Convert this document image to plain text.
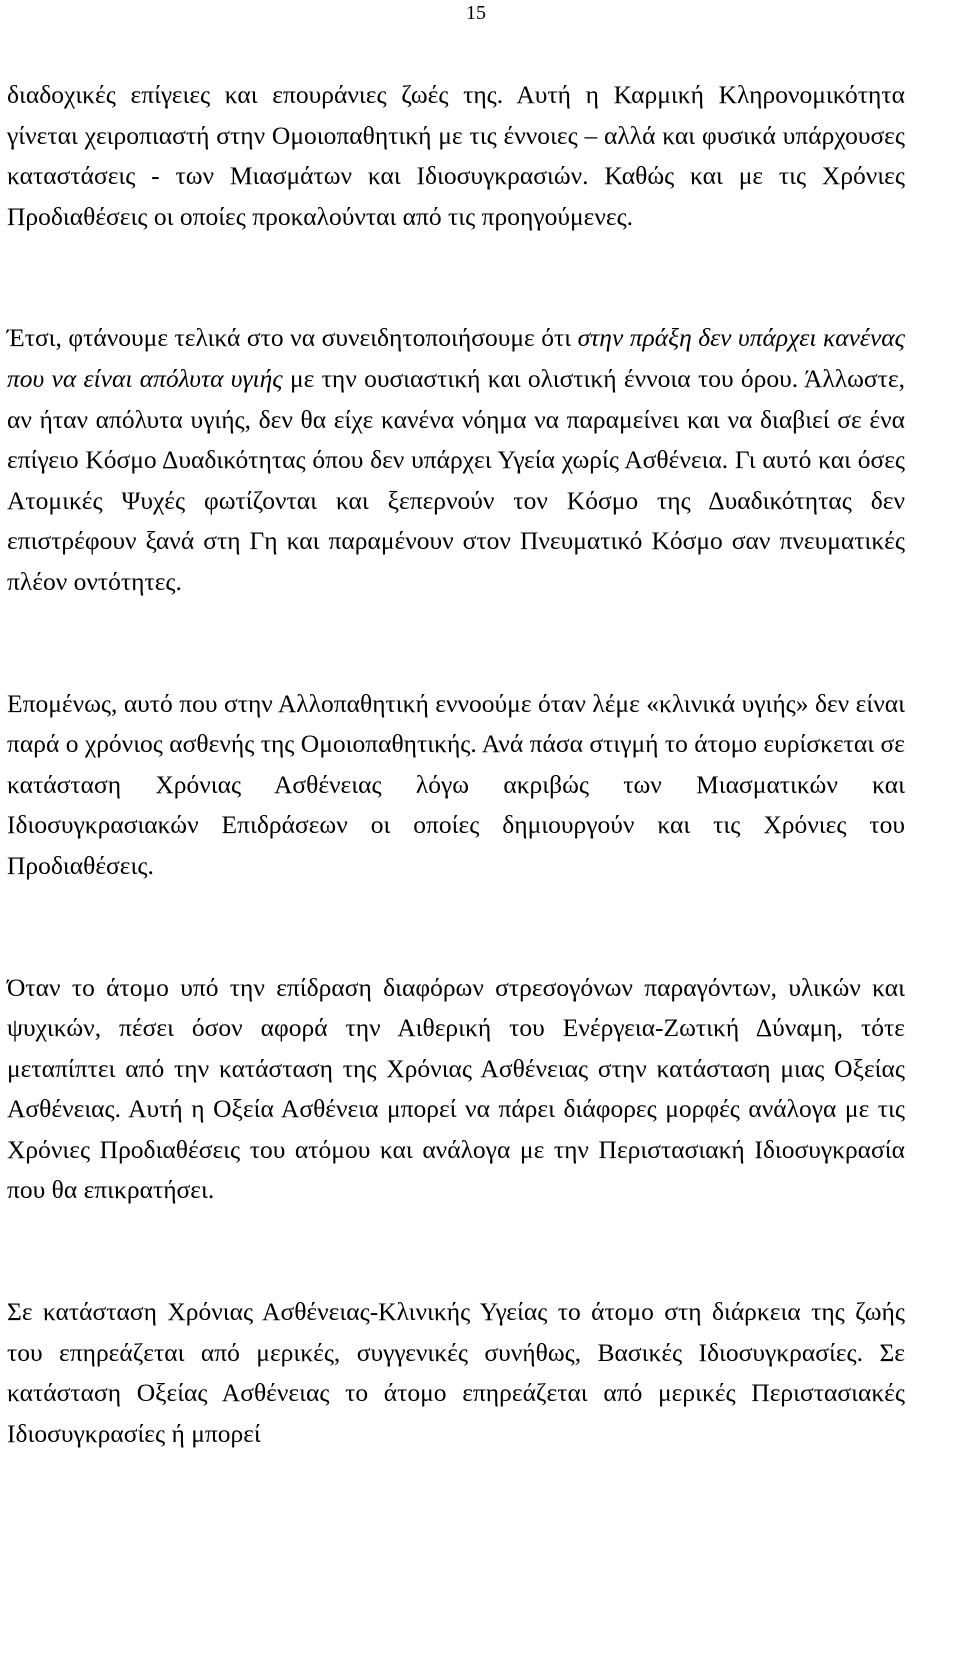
15

διαδοχικές επίγειες και επουράνιες ζωές της. Αυτή η Καρμική Κληρονομικότητα γίνεται χειροπιαστή στην Ομοιοπαθητική με τις έννοιες – αλλά και φυσικά υπάρχουσες καταστάσεις - των Μιασμάτων και Ιδιοσυγκρασιών. Καθώς και με τις Χρόνιες Προδιαθέσεις οι οποίες προκαλούνται από τις προηγούμενες.

Έτσι, φτάνουμε τελικά στο να συνειδητοποιήσουμε ότι στην πράξη δεν υπάρχει κανένας που να είναι απόλυτα υγιής με την ουσιαστική και ολιστική έννοια του όρου. Άλλωστε, αν ήταν απόλυτα υγιής, δεν θα είχε κανένα νόημα να παραμείνει και να διαβιεί σε ένα επίγειο Κόσμο Δυαδικότητας όπου δεν υπάρχει Υγεία χωρίς Ασθένεια. Γι αυτό και όσες Ατομικές Ψυχές φωτίζονται και ξεπερνούν τον Κόσμο της Δυαδικότητας δεν επιστρέφουν ξανά στη Γη και παραμένουν στον Πνευματικό Κόσμο σαν πνευματικές πλέον οντότητες.

Επομένως, αυτό που στην Αλλοπαθητική εννοούμε όταν λέμε «κλινικά υγιής» δεν είναι παρά ο χρόνιος ασθενής της Ομοιοπαθητικής. Ανά πάσα στιγμή το άτομο ευρίσκεται σε κατάσταση Χρόνιας Ασθένειας λόγω ακριβώς των Μιασματικών και Ιδιοσυγκρασιακών Επιδράσεων οι οποίες δημιουργούν και τις Χρόνιες του Προδιαθέσεις.

Όταν το άτομο υπό την επίδραση διαφόρων στρεσογόνων παραγόντων, υλικών και ψυχικών, πέσει όσον αφορά την Αιθερική του Ενέργεια-Ζωτική Δύναμη, τότε μεταπίπτει από την κατάσταση της Χρόνιας Ασθένειας στην κατάσταση μιας Οξείας Ασθένειας. Αυτή η Οξεία Ασθένεια μπορεί να πάρει διάφορες μορφές ανάλογα με τις Χρόνιες Προδιαθέσεις του ατόμου και ανάλογα με την Περιστασιακή Ιδιοσυγκρασία που θα επικρατήσει.

Σε κατάσταση Χρόνιας Ασθένειας-Κλινικής Υγείας το άτομο στη διάρκεια της ζωής του επηρεάζεται από μερικές, συγγενικές συνήθως, Βασικές Ιδιοσυγκρασίες. Σε κατάσταση Οξείας Ασθένειας το άτομο επηρεάζεται από μερικές Περιστασιακές Ιδιοσυγκρασίες ή μπορεί
